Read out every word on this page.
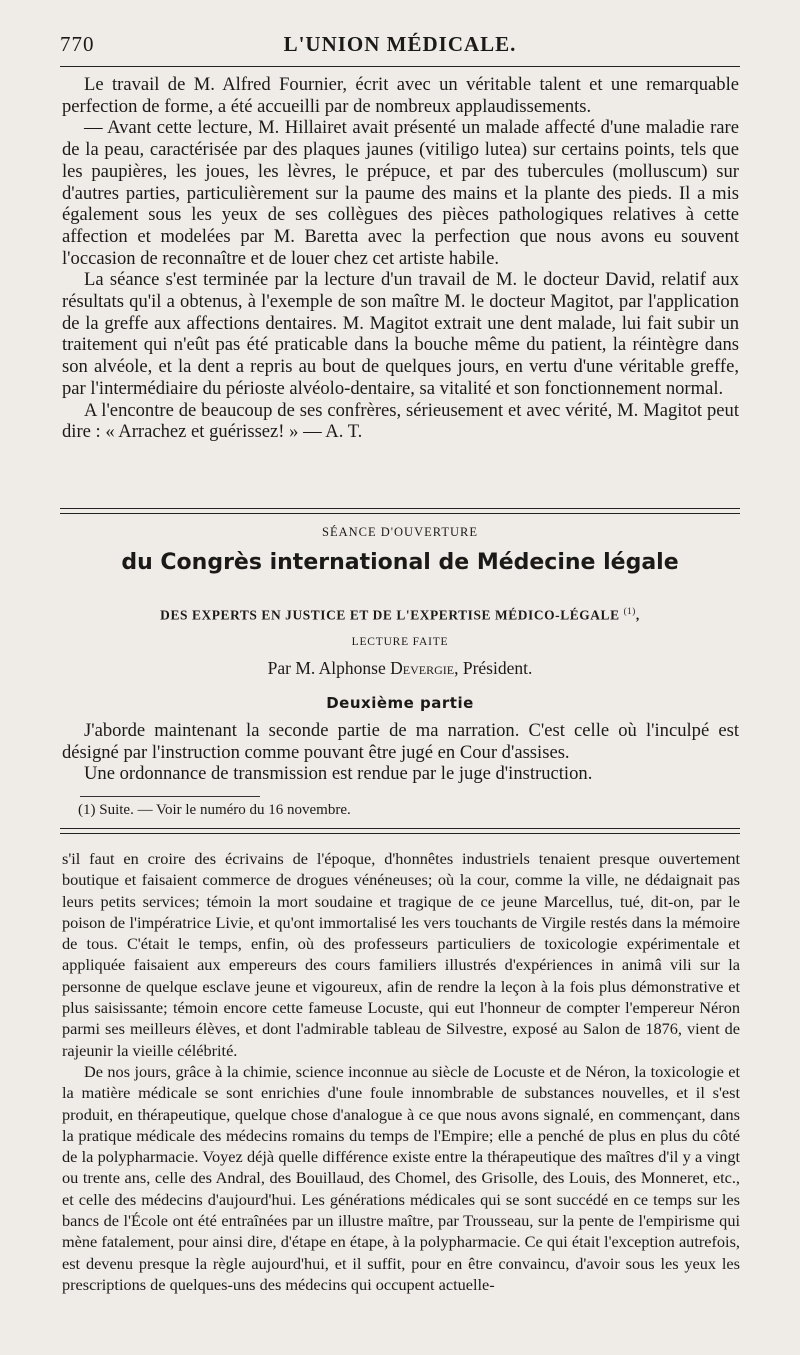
770	L'UNION MÉDICALE.

Le travail de M. Alfred Fournier, écrit avec un véritable talent et une remarquable perfection de forme, a été accueilli par de nombreux applaudissements.

— Avant cette lecture, M. Hillairet avait présenté un malade affecté d'une maladie rare de la peau, caractérisée par des plaques jaunes (vitiligo lutea) sur certains points, tels que les paupières, les joues, les lèvres, le prépuce, et par des tubercules (molluscum) sur d'autres parties, particulièrement sur la paume des mains et la plante des pieds. Il a mis également sous les yeux de ses collègues des pièces pathologiques relatives à cette affection et modelées par M. Baretta avec la perfection que nous avons eu souvent l'occasion de reconnaître et de louer chez cet artiste habile.

La séance s'est terminée par la lecture d'un travail de M. le docteur David, relatif aux résultats qu'il a obtenus, à l'exemple de son maître M. le docteur Magitot, par l'application de la greffe aux affections dentaires. M. Magitot extrait une dent malade, lui fait subir un traitement qui n'eût pas été praticable dans la bouche même du patient, la réintègre dans son alvéole, et la dent a repris au bout de quelques jours, en vertu d'une véritable greffe, par l'intermédiaire du périoste alvéolo-dentaire, sa vitalité et son fonctionnement normal.

A l'encontre de beaucoup de ses confrères, sérieusement et avec vérité, M. Magitot peut dire : « Arrachez et guérissez! » — A. T.

SÉANCE D'OUVERTURE
du Congrès international de Médecine légale
DES EXPERTS EN JUSTICE ET DE L'EXPERTISE MÉDICO-LÉGALE $^{(1)}$,
LECTURE FAITE
Par M. Alphonse Devergie, Président.
Deuxième partie

J'aborde maintenant la seconde partie de ma narration. C'est celle où l'inculpé est désigné par l'instruction comme pouvant être jugé en Cour d'assises.

Une ordonnance de transmission est rendue par le juge d'instruction.

(1) Suite. — Voir le numéro du 16 novembre.

s'il faut en croire des écrivains de l'époque, d'honnêtes industriels tenaient presque ouvertement boutique et faisaient commerce de drogues vénéneuses; où la cour, comme la ville, ne dédaignait pas leurs petits services; témoin la mort soudaine et tragique de ce jeune Marcellus, tué, dit-on, par le poison de l'impératrice Livie, et qu'ont immortalisé les vers touchants de Virgile restés dans la mémoire de tous. C'était le temps, enfin, où des professeurs particuliers de toxicologie expérimentale et appliquée faisaient aux empereurs des cours familiers illustrés d'expériences in animâ vili sur la personne de quelque esclave jeune et vigoureux, afin de rendre la leçon à la fois plus démonstrative et plus saisissante; témoin encore cette fameuse Locuste, qui eut l'honneur de compter l'empereur Néron parmi ses meilleurs élèves, et dont l'admirable tableau de Silvestre, exposé au Salon de 1876, vient de rajeunir la vieille célébrité.

De nos jours, grâce à la chimie, science inconnue au siècle de Locuste et de Néron, la toxicologie et la matière médicale se sont enrichies d'une foule innombrable de substances nouvelles, et il s'est produit, en thérapeutique, quelque chose d'analogue à ce que nous avons signalé, en commençant, dans la pratique médicale des médecins romains du temps de l'Empire; elle a penché de plus en plus du côté de la polypharmacie. Voyez déjà quelle différence existe entre la thérapeutique des maîtres d'il y a vingt ou trente ans, celle des Andral, des Bouillaud, des Chomel, des Grisolle, des Louis, des Monneret, etc., et celle des médecins d'aujourd'hui. Les générations médicales qui se sont succédé en ce temps sur les bancs de l'École ont été entraînées par un illustre maître, par Trousseau, sur la pente de l'empirisme qui mène fatalement, pour ainsi dire, d'étape en étape, à la polypharmacie. Ce qui était l'exception autrefois, est devenu presque la règle aujourd'hui, et il suffit, pour en être convaincu, d'avoir sous les yeux les prescriptions de quelques-uns des médecins qui occupent actuelle-
